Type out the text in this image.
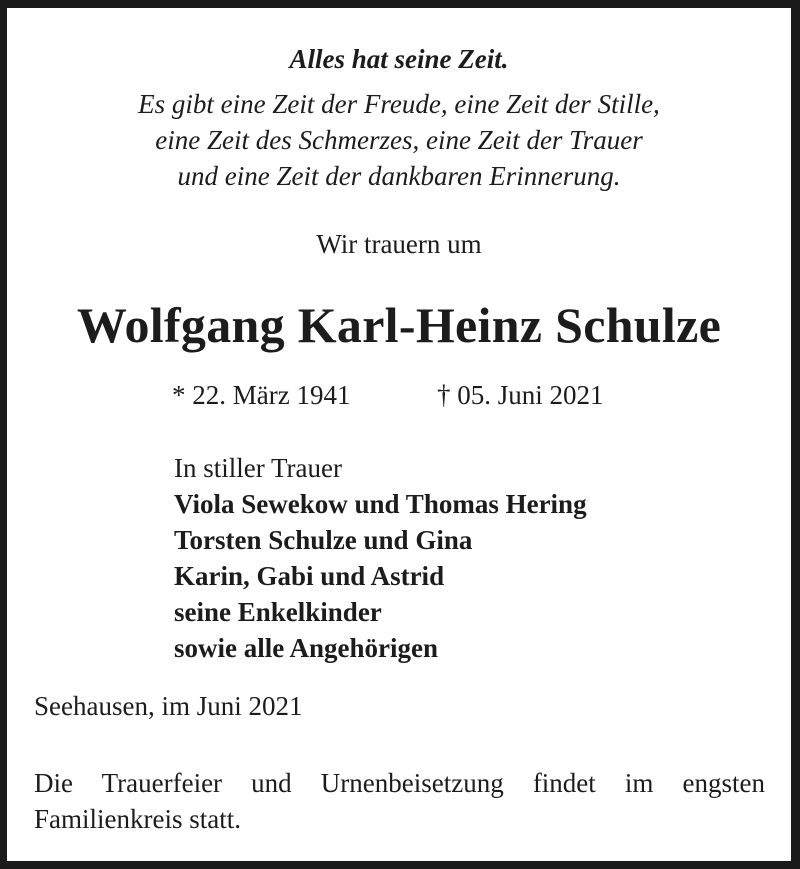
Alles hat seine Zeit.
Es gibt eine Zeit der Freude, eine Zeit der Stille,
eine Zeit des Schmerzes, eine Zeit der Trauer
und eine Zeit der dankbaren Erinnerung.
Wir trauern um
Wolfgang Karl-Heinz Schulze
* 22. März 1941	† 05. Juni 2021
In stiller Trauer
Viola Sewekow und Thomas Hering
Torsten Schulze und Gina
Karin, Gabi und Astrid
seine Enkelkinder
sowie alle Angehörigen
Seehausen, im Juni 2021
Die Trauerfeier und Urnenbeisetzung findet im engsten
Familienkreis statt.
